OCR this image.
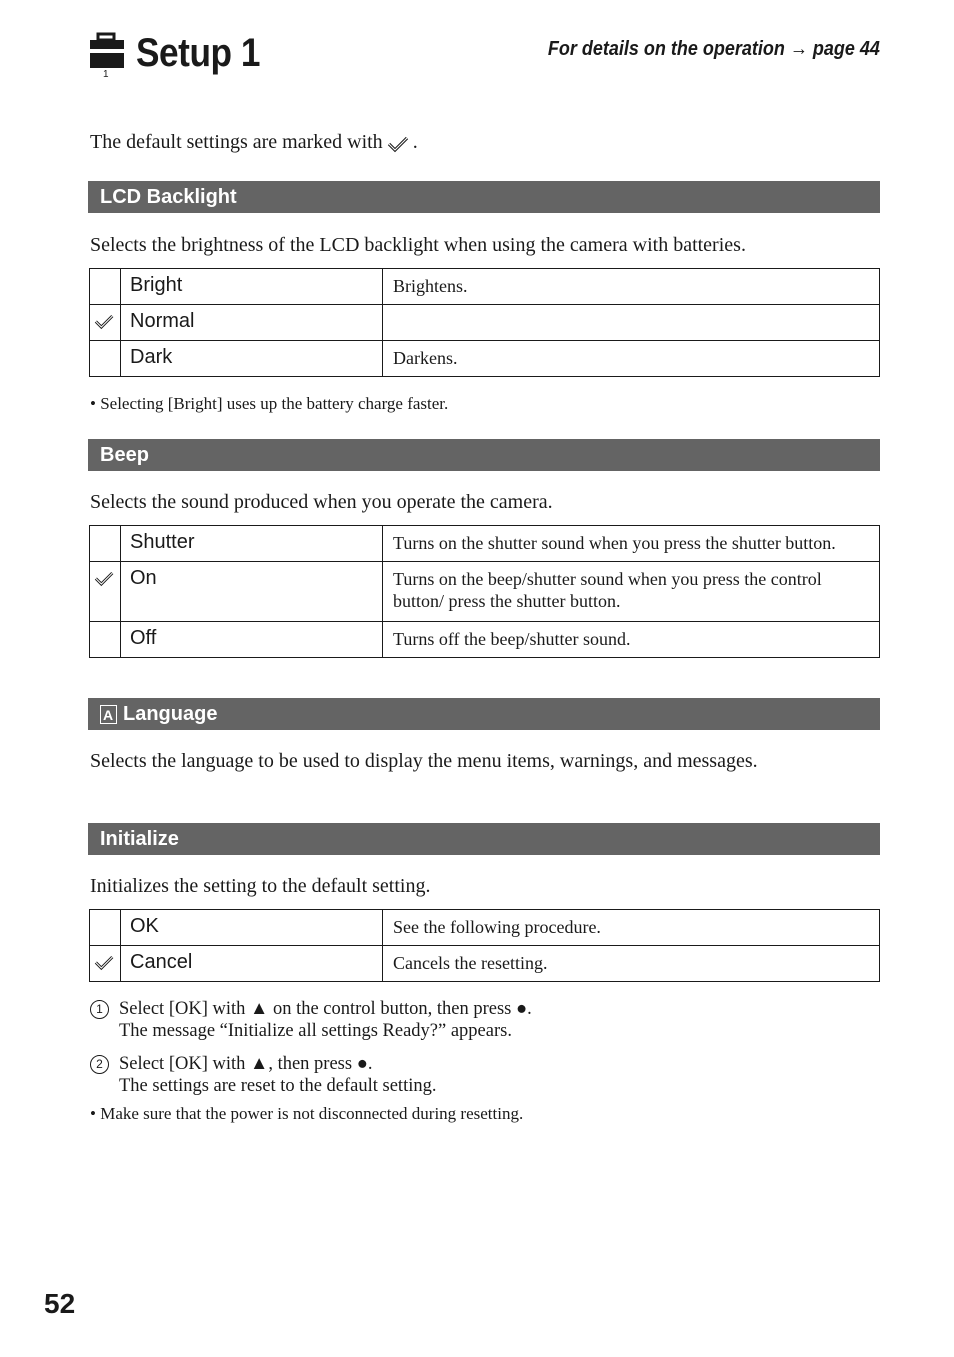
1 Setup 1	For details on the operation → page 44
The default settings are marked with .
LCD Backlight
Selects the brightness of the LCD backlight when using the camera with batteries.
	Bright	Brightens.
	Normal	
	Dark	Darkens.
• Selecting [Bright] uses up the battery charge faster.
Beep
Selects the sound produced when you operate the camera.
	Shutter	Turns on the shutter sound when you press the shutter button.
	On	Turns on the beep/shutter sound when you press the control button/ press the shutter button.
	Off	Turns off the beep/shutter sound.
A Language
Selects the language to be used to display the menu items, warnings, and messages.
Initialize
Initializes the setting to the default setting.
	OK	See the following procedure.
	Cancel	Cancels the resetting.
1 Select [OK] with ▲ on the control button, then press ●.
The message “Initialize all settings Ready?” appears.
2 Select [OK] with ▲, then press ●.
The settings are reset to the default setting.
• Make sure that the power is not disconnected during resetting.
52
